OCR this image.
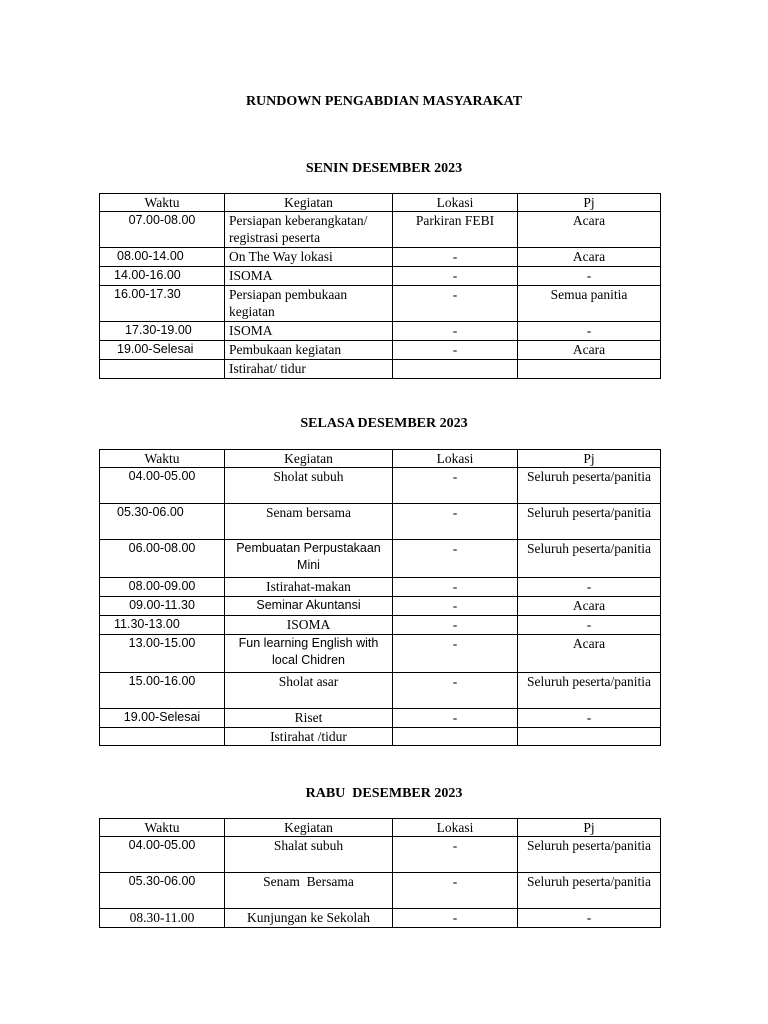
RUNDOWN PENGABDIAN MASYARAKAT
SENIN DESEMBER 2023
Waktu	Kegiatan	Lokasi	Pj
07.00-08.00	Persiapan keberangkatan/ registrasi peserta	Parkiran FEBI	Acara
08.00-14.00	On The Way lokasi	-	Acara
14.00-16.00	ISOMA	-	-
16.00-17.30	Persiapan pembukaan kegiatan	-	Semua panitia
17.30-19.00	ISOMA	-	-
19.00-Selesai	Pembukaan kegiatan	-	Acara
	Istirahat/ tidur		
SELASA DESEMBER 2023
Waktu	Kegiatan	Lokasi	Pj
04.00-05.00	Sholat subuh	-	Seluruh peserta/panitia
05.30-06.00	Senam bersama	-	Seluruh peserta/panitia
06.00-08.00	Pembuatan Perpustakaan Mini	-	Seluruh peserta/panitia
08.00-09.00	Istirahat-makan	-	-
09.00-11.30	Seminar Akuntansi	-	Acara
11.30-13.00	ISOMA	-	-
13.00-15.00	Fun learning English with local Chidren	-	Acara
15.00-16.00	Sholat asar	-	Seluruh peserta/panitia
19.00-Selesai	Riset	-	-
	Istirahat /tidur		
RABU  DESEMBER 2023
Waktu	Kegiatan	Lokasi	Pj
04.00-05.00	Shalat subuh	-	Seluruh peserta/panitia
05.30-06.00	Senam  Bersama	-	Seluruh peserta/panitia
08.30-11.00	Kunjungan ke Sekolah	-	-
